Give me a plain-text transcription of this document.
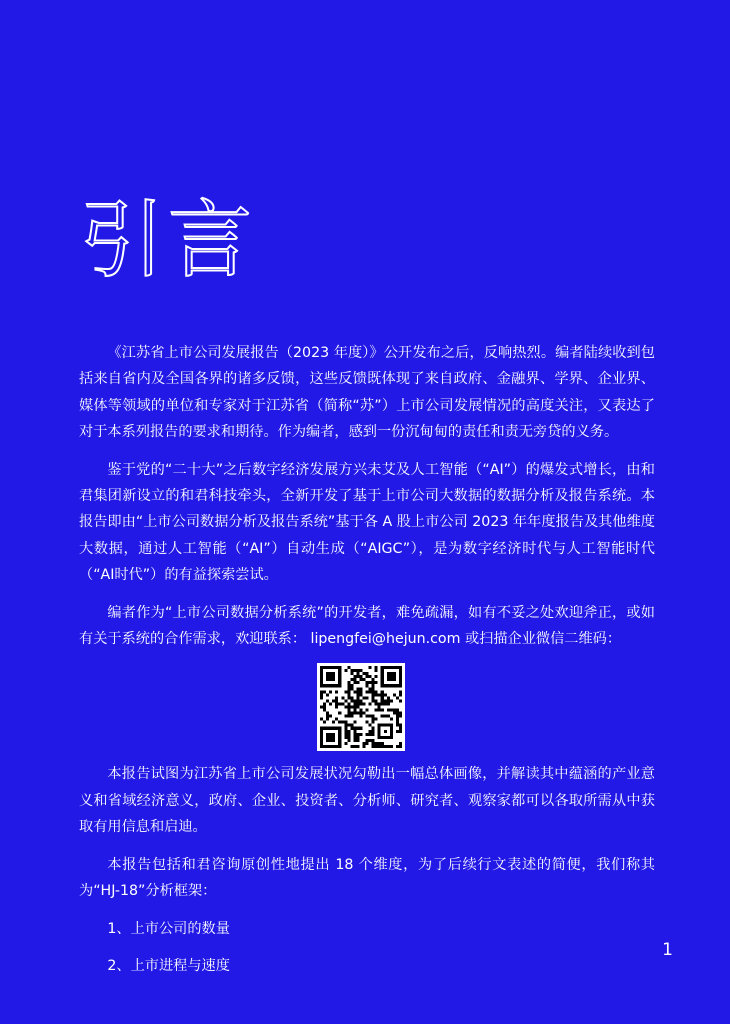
引言

《江苏省上市公司发展报告（2023 年度）》公开发布之后，反响热烈。编者陆续收到包括来自省内及全国各界的诸多反馈，这些反馈既体现了来自政府、金融界、学界、企业界、媒体等领域的单位和专家对于江苏省（简称“苏”）上市公司发展情况的高度关注，又表达了对于本系列报告的要求和期待。作为编者，感到一份沉甸甸的责任和责无旁贷的义务。

鉴于党的“二十大”之后数字经济发展方兴未艾及人工智能（“AI”）的爆发式增长，由和君集团新设立的和君科技牵头，全新开发了基于上市公司大数据的数据分析及报告系统。本报告即由“上市公司数据分析及报告系统”基于各 A 股上市公司 2023 年年度报告及其他维度大数据，通过人工智能（“AI”）自动生成（“AIGC”），是为数字经济时代与人工智能时代（“AI时代”）的有益探索尝试。

编者作为“上市公司数据分析系统”的开发者，难免疏漏，如有不妥之处欢迎斧正，或如有关于系统的合作需求，欢迎联系： lipengfei@hejun.com 或扫描企业微信二维码：

本报告试图为江苏省上市公司发展状况勾勒出一幅总体画像，并解读其中蕴涵的产业意义和省域经济意义，政府、企业、投资者、分析师、研究者、观察家都可以各取所需从中获取有用信息和启迪。

本报告包括和君咨询原创性地提出 18 个维度，为了后续行文表述的简便，我们称其为“HJ-18”分析框架：

1、上市公司的数量

2、上市进程与速度

1
